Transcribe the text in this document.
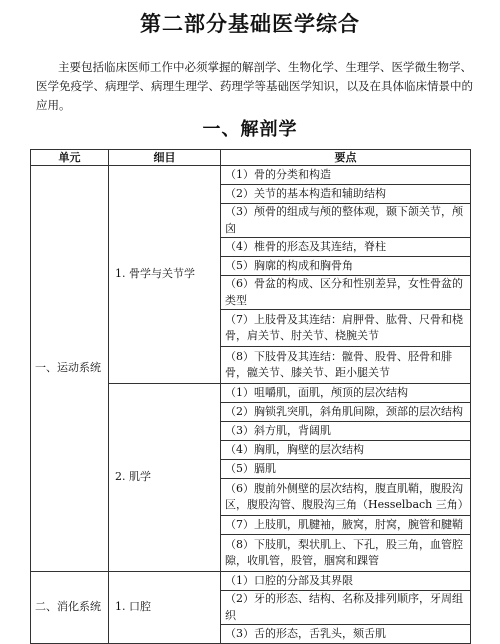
第二部分基础医学综合
主要包括临床医师工作中必须掌握的解剖学、生物化学、生理学、医学微生物学、医学免疫学、病理学、病理生理学、药理学等基础医学知识，以及在具体临床情景中的应用。
一、解剖学
单元	细目	要点
一、运动系统	1. 骨学与关节学	（1）骨的分类和构造
		（2）关节的基本构造和辅助结构
		（3）颅骨的组成与颅的整体观，颞下颌关节，颅囟
		（4）椎骨的形态及其连结，脊柱
		（5）胸廓的构成和胸骨角
		（6）骨盆的构成、区分和性别差异，女性骨盆的类型
		（7）上肢骨及其连结：肩胛骨、肱骨、尺骨和桡骨，肩关节、肘关节、桡腕关节
		（8）下肢骨及其连结：髋骨、股骨、胫骨和腓骨，髋关节、膝关节、距小腿关节
	2. 肌学	（1）咀嚼肌，面肌，颅顶的层次结构
		（2）胸锁乳突肌，斜角肌间隙，颈部的层次结构
		（3）斜方肌，背阔肌
		（4）胸肌，胸壁的层次结构
		（5）膈肌
		（6）腹前外侧壁的层次结构，腹直肌鞘，腹股沟区，腹股沟管、腹股沟三角（Hesselbach 三角）
		（7）上肢肌，肌腱袖，腋窝，肘窝，腕管和腱鞘
		（8）下肢肌，梨状肌上、下孔，股三角，血管腔隙，收肌管，股管，腘窝和踝管
二、消化系统	1. 口腔	（1）口腔的分部及其界限
		（2）牙的形态、结构、名称及排列顺序，牙周组织
		（3）舌的形态，舌乳头，颏舌肌
